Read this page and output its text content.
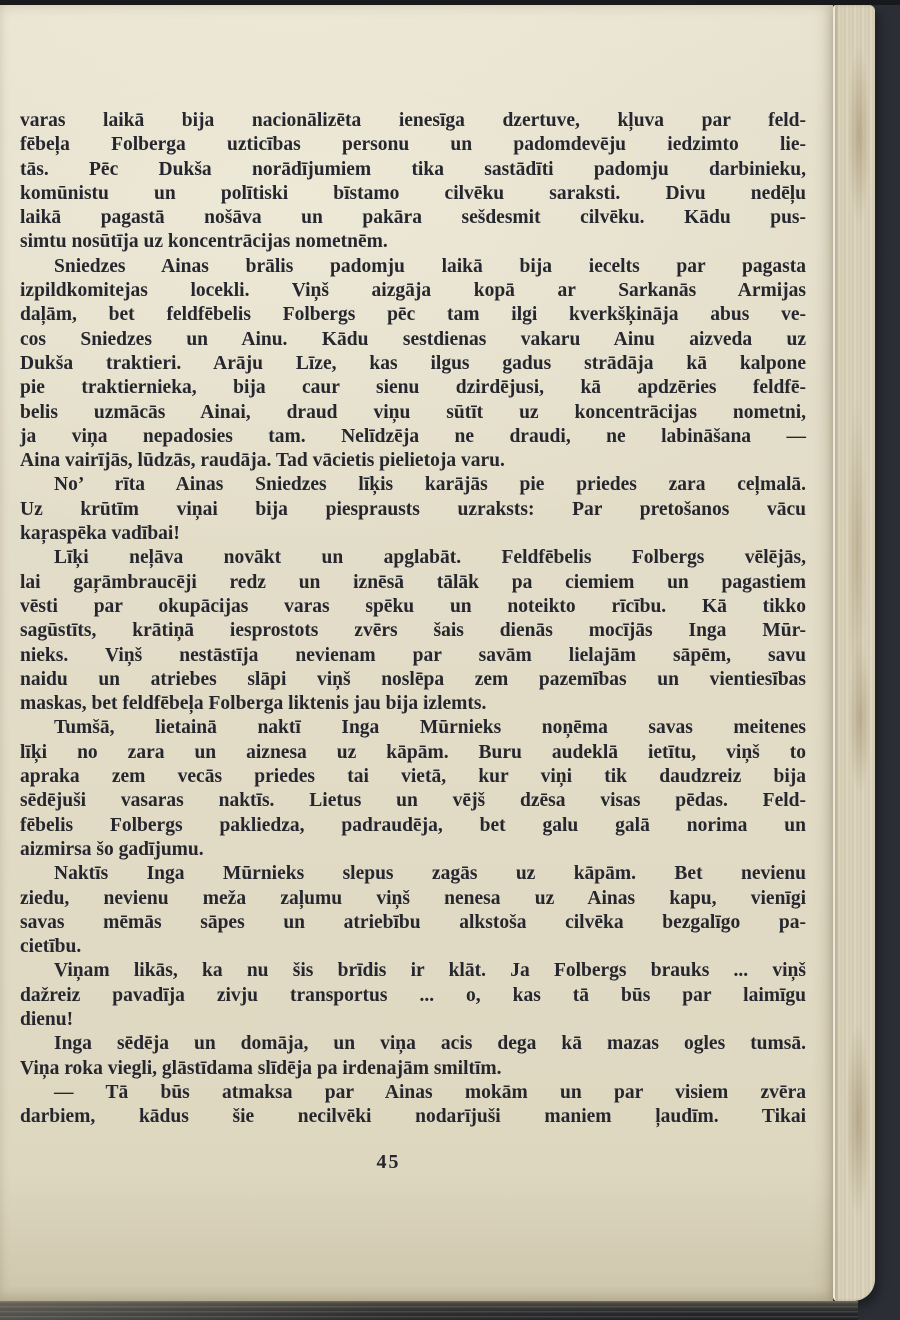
varas laikā bija nacionālizēta ienesīga dzertuve, kļuva par feld-
fēbeļa Folberga uzticības personu un padomdevēju iedzimto lie-
tās. Pēc Dukša norādījumiem tika sastādīti padomju darbinieku,
komūnistu un polītiski bīstamo cilvēku saraksti. Divu nedēļu
laikā pagastā nošāva un pakāra sešdesmit cilvēku. Kādu pus-
simtu nosūtīja uz koncentrācijas nometnēm.
Sniedzes Ainas brālis padomju laikā bija iecelts par pagasta
izpildkomitejas locekli. Viņš aizgāja kopā ar Sarkanās Armijas
daļām, bet feldfēbelis Folbergs pēc tam ilgi kverkšķināja abus ve-
cos Sniedzes un Ainu. Kādu sestdienas vakaru Ainu aizveda uz
Dukša traktieri. Arāju Līze, kas ilgus gadus strādāja kā kalpone
pie traktiernieka, bija caur sienu dzirdējusi, kā apdzēries feldfē-
belis uzmācās Ainai, draud viņu sūtīt uz koncentrācijas nometni,
ja viņa nepadosies tam. Nelīdzēja ne draudi, ne labināšana —
Aina vairījās, lūdzās, raudāja. Tad vācietis pielietoja varu.
No’ rīta Ainas Sniedzes līķis karājās pie priedes zara ceļmalā.
Uz krūtīm viņai bija piesprausts uzraksts: Par pretošanos vācu
kaŗaspēka vadībai!
Līķi neļāva novākt un apglabāt. Feldfēbelis Folbergs vēlējās,
lai gaŗāmbraucēji redz un iznēsā tālāk pa ciemiem un pagastiem
vēsti par okupācijas varas spēku un noteikto rīcību. Kā tikko
sagūstīts, krātiņā iesprostots zvērs šais dienās mocījās Inga Mūr-
nieks. Viņš nestāstīja nevienam par savām lielajām sāpēm, savu
naidu un atriebes slāpi viņš noslēpa zem pazemības un vientiesības
maskas, bet feldfēbeļa Folberga liktenis jau bija izlemts.
Tumšā, lietainā naktī Inga Mūrnieks noņēma savas meitenes
līķi no zara un aiznesa uz kāpām. Buru audeklā ietītu, viņš to
apraka zem vecās priedes tai vietā, kur viņi tik daudzreiz bija
sēdējuši vasaras naktīs. Lietus un vējš dzēsa visas pēdas. Feld-
fēbelis Folbergs pakliedza, padraudēja, bet galu galā norima un
aizmirsa šo gadījumu.
Naktīs Inga Mūrnieks slepus zagās uz kāpām. Bet nevienu
ziedu, nevienu meža zaļumu viņš nenesa uz Ainas kapu, vienīgi
savas mēmās sāpes un atriebību alkstoša cilvēka bezgalīgo pa-
cietību.
Viņam likās, ka nu šis brīdis ir klāt. Ja Folbergs brauks ... viņš
dažreiz pavadīja zivju transportus ... o, kas tā būs par laimīgu
dienu!
Inga sēdēja un domāja, un viņa acis dega kā mazas ogles tumsā.
Viņa roka viegli, glāstīdama slīdēja pa irdenajām smiltīm.
— Tā būs atmaksa par Ainas mokām un par visiem zvēra
darbiem, kādus šie necilvēki nodarījuši maniem ļaudīm. Tikai
45
